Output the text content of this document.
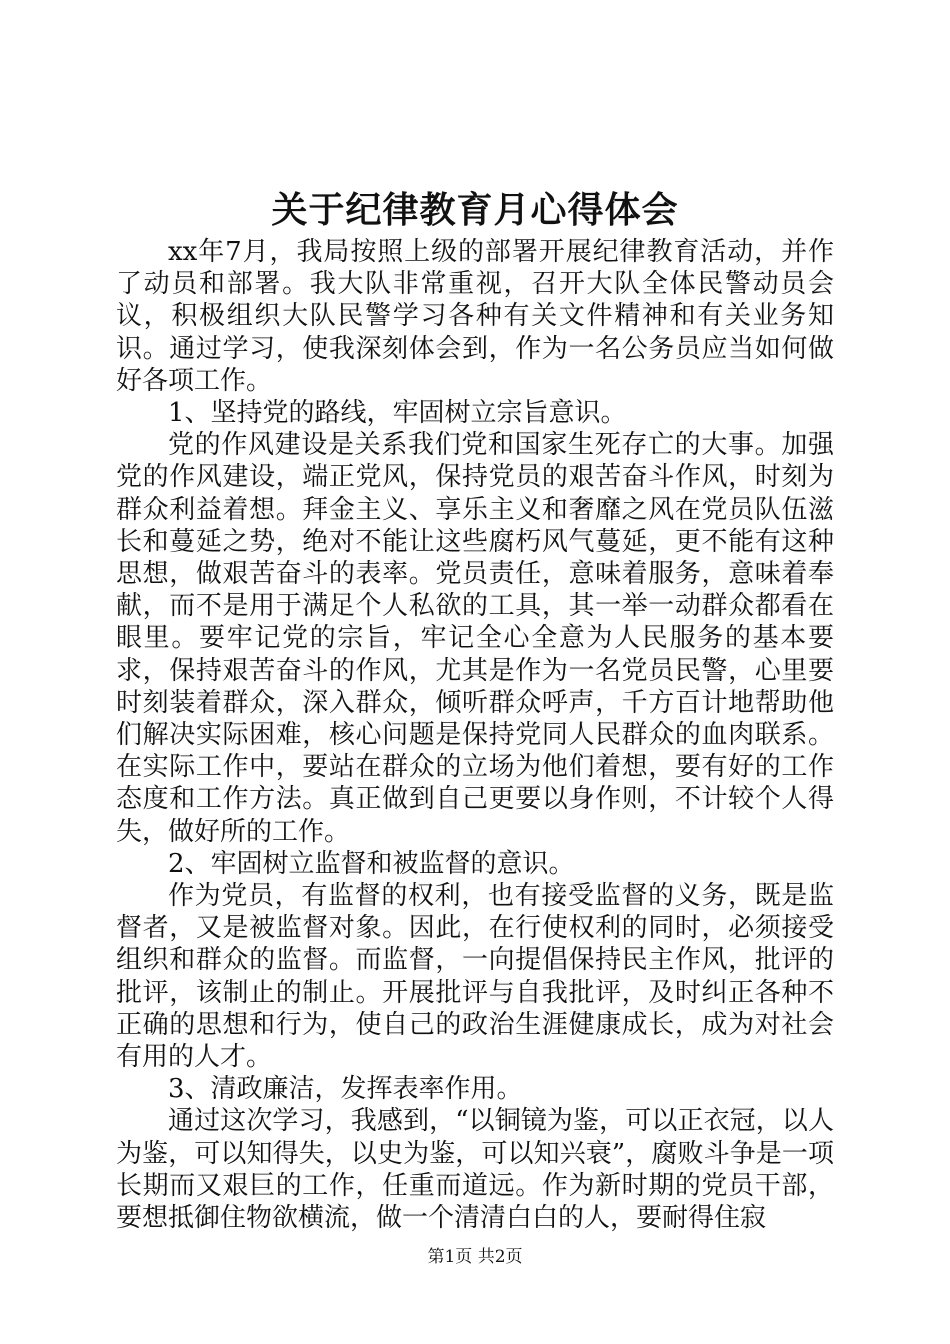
关于纪律教育月心得体会

xx年7月，我局按照上级的部署开展纪律教育活动，并作了动员和部署。我大队非常重视，召开大队全体民警动员会议，积极组织大队民警学习各种有关文件精神和有关业务知识。通过学习，使我深刻体会到，作为一名公务员应当如何做好各项工作。

1、坚持党的路线，牢固树立宗旨意识。

党的作风建设是关系我们党和国家生死存亡的大事。加强党的作风建设，端正党风，保持党员的艰苦奋斗作风，时刻为群众利益着想。拜金主义、享乐主义和奢靡之风在党员队伍滋长和蔓延之势，绝对不能让这些腐朽风气蔓延，更不能有这种思想，做艰苦奋斗的表率。党员责任，意味着服务，意味着奉献，而不是用于满足个人私欲的工具，其一举一动群众都看在眼里。要牢记党的宗旨，牢记全心全意为人民服务的基本要求，保持艰苦奋斗的作风，尤其是作为一名党员民警，心里要时刻装着群众，深入群众，倾听群众呼声，千方百计地帮助他们解决实际困难，核心问题是保持党同人民群众的血肉联系。在实际工作中，要站在群众的立场为他们着想，要有好的工作态度和工作方法。真正做到自己更要以身作则，不计较个人得失，做好所的工作。

2、牢固树立监督和被监督的意识。

作为党员，有监督的权利，也有接受监督的义务，既是监督者，又是被监督对象。因此，在行使权利的同时，必须接受组织和群众的监督。而监督，一向提倡保持民主作风，批评的批评，该制止的制止。开展批评与自我批评，及时纠正各种不正确的思想和行为，使自己的政治生涯健康成长，成为对社会有用的人才。

3、清政廉洁，发挥表率作用。

通过这次学习，我感到，“以铜镜为鉴，可以正衣冠，以人为鉴，可以知得失，以史为鉴，可以知兴衰”，腐败斗争是一项长期而又艰巨的工作，任重而道远。作为新时期的党员干部，要想抵御住物欲横流，做一个清清白白的人，要耐得住寂

第1页 共2页
